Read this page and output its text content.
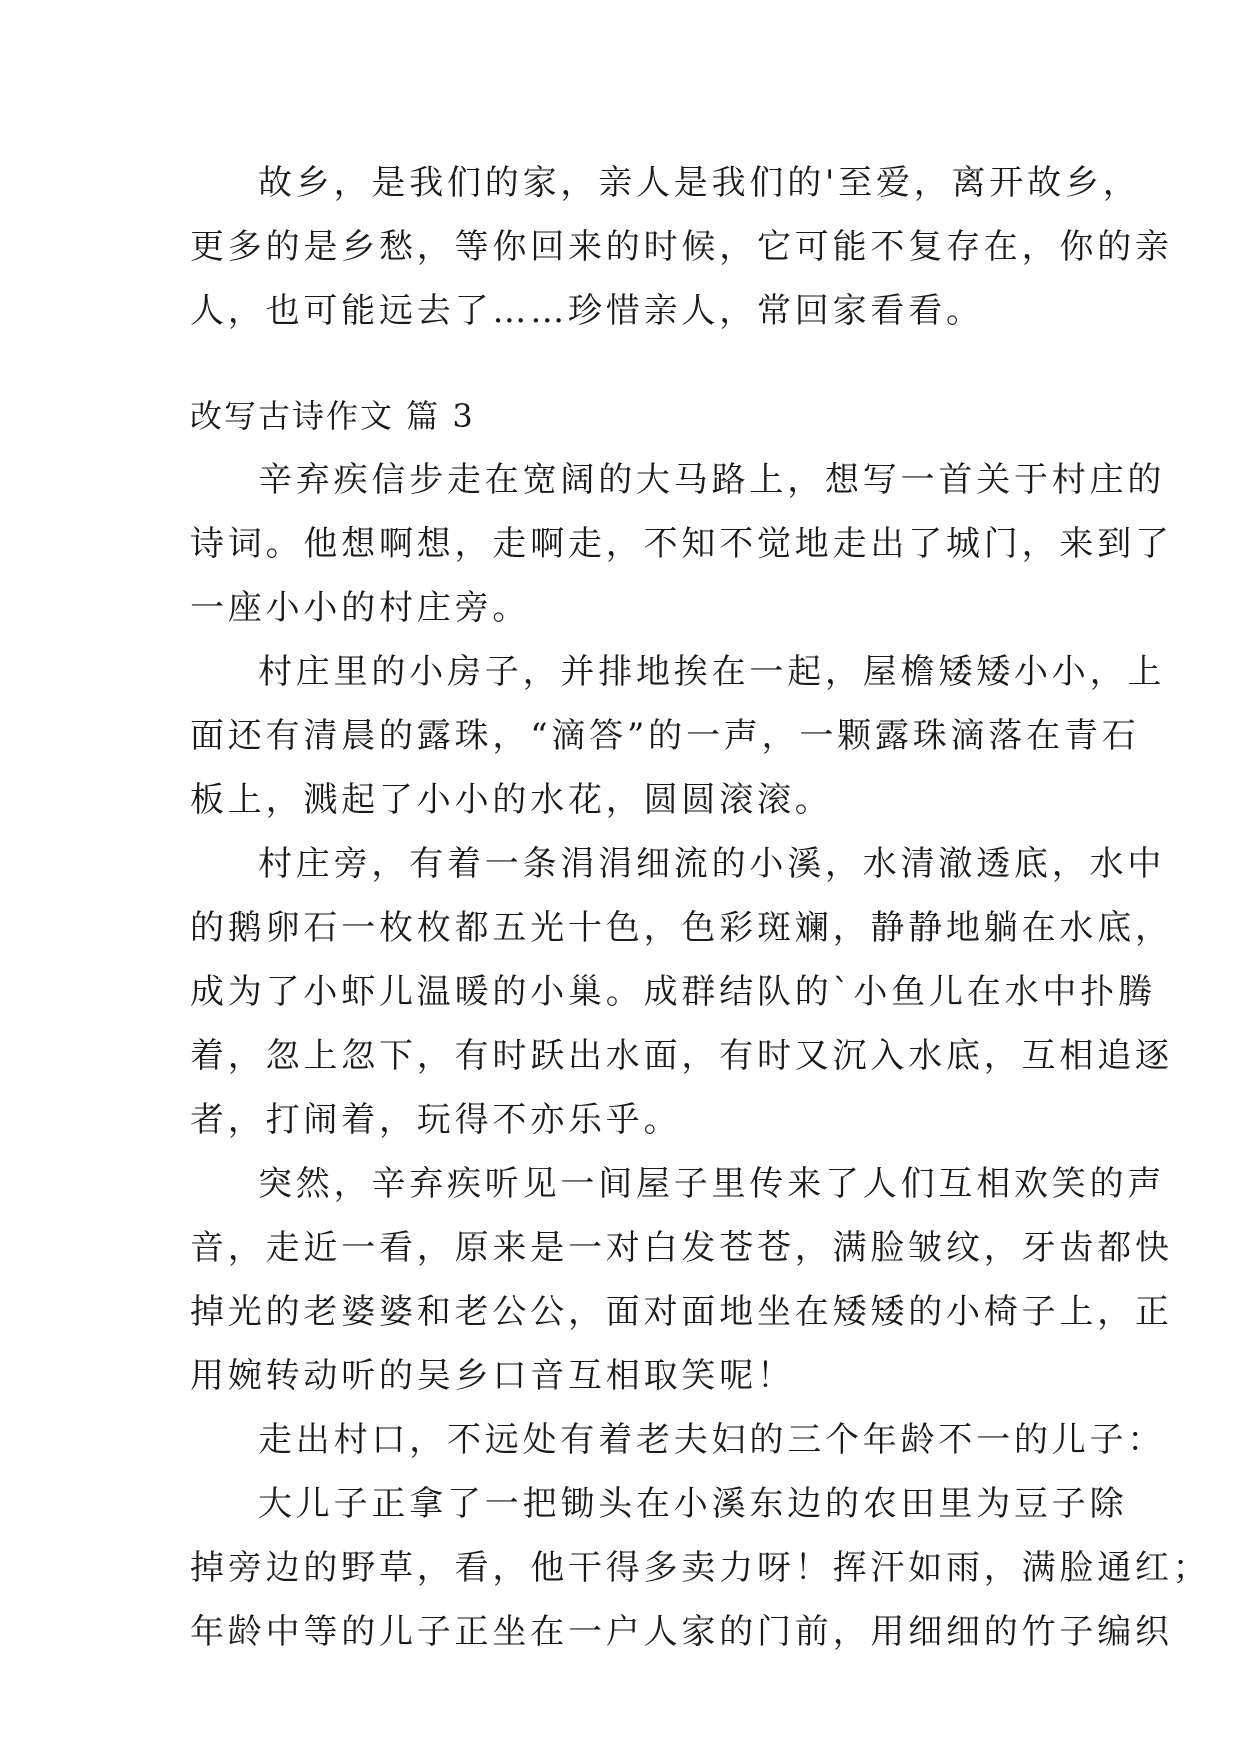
故乡，是我们的家，亲人是我们的'至爱，离开故乡，
更多的是乡愁，等你回来的时候，它可能不复存在，你的亲
人，也可能远去了……珍惜亲人，常回家看看。
改写古诗作文 篇 3
辛弃疾信步走在宽阔的大马路上，想写一首关于村庄的
诗词。他想啊想，走啊走，不知不觉地走出了城门，来到了
一座小小的村庄旁。
村庄里的小房子，并排地挨在一起，屋檐矮矮小小，上
面还有清晨的露珠，“滴答”的一声，一颗露珠滴落在青石
板上，溅起了小小的水花，圆圆滚滚。
村庄旁，有着一条涓涓细流的小溪，水清澈透底，水中
的鹅卵石一枚枚都五光十色，色彩斑斓，静静地躺在水底，
成为了小虾儿温暖的小巢。成群结队的`小鱼儿在水中扑腾
着，忽上忽下，有时跃出水面，有时又沉入水底，互相追逐
者，打闹着，玩得不亦乐乎。
突然，辛弃疾听见一间屋子里传来了人们互相欢笑的声
音，走近一看，原来是一对白发苍苍，满脸皱纹，牙齿都快
掉光的老婆婆和老公公，面对面地坐在矮矮的小椅子上，正
用婉转动听的吴乡口音互相取笑呢！
走出村口，不远处有着老夫妇的三个年龄不一的儿子：
大儿子正拿了一把锄头在小溪东边的农田里为豆子除
掉旁边的野草，看，他干得多卖力呀！挥汗如雨，满脸通红；
年龄中等的儿子正坐在一户人家的门前，用细细的竹子编织
